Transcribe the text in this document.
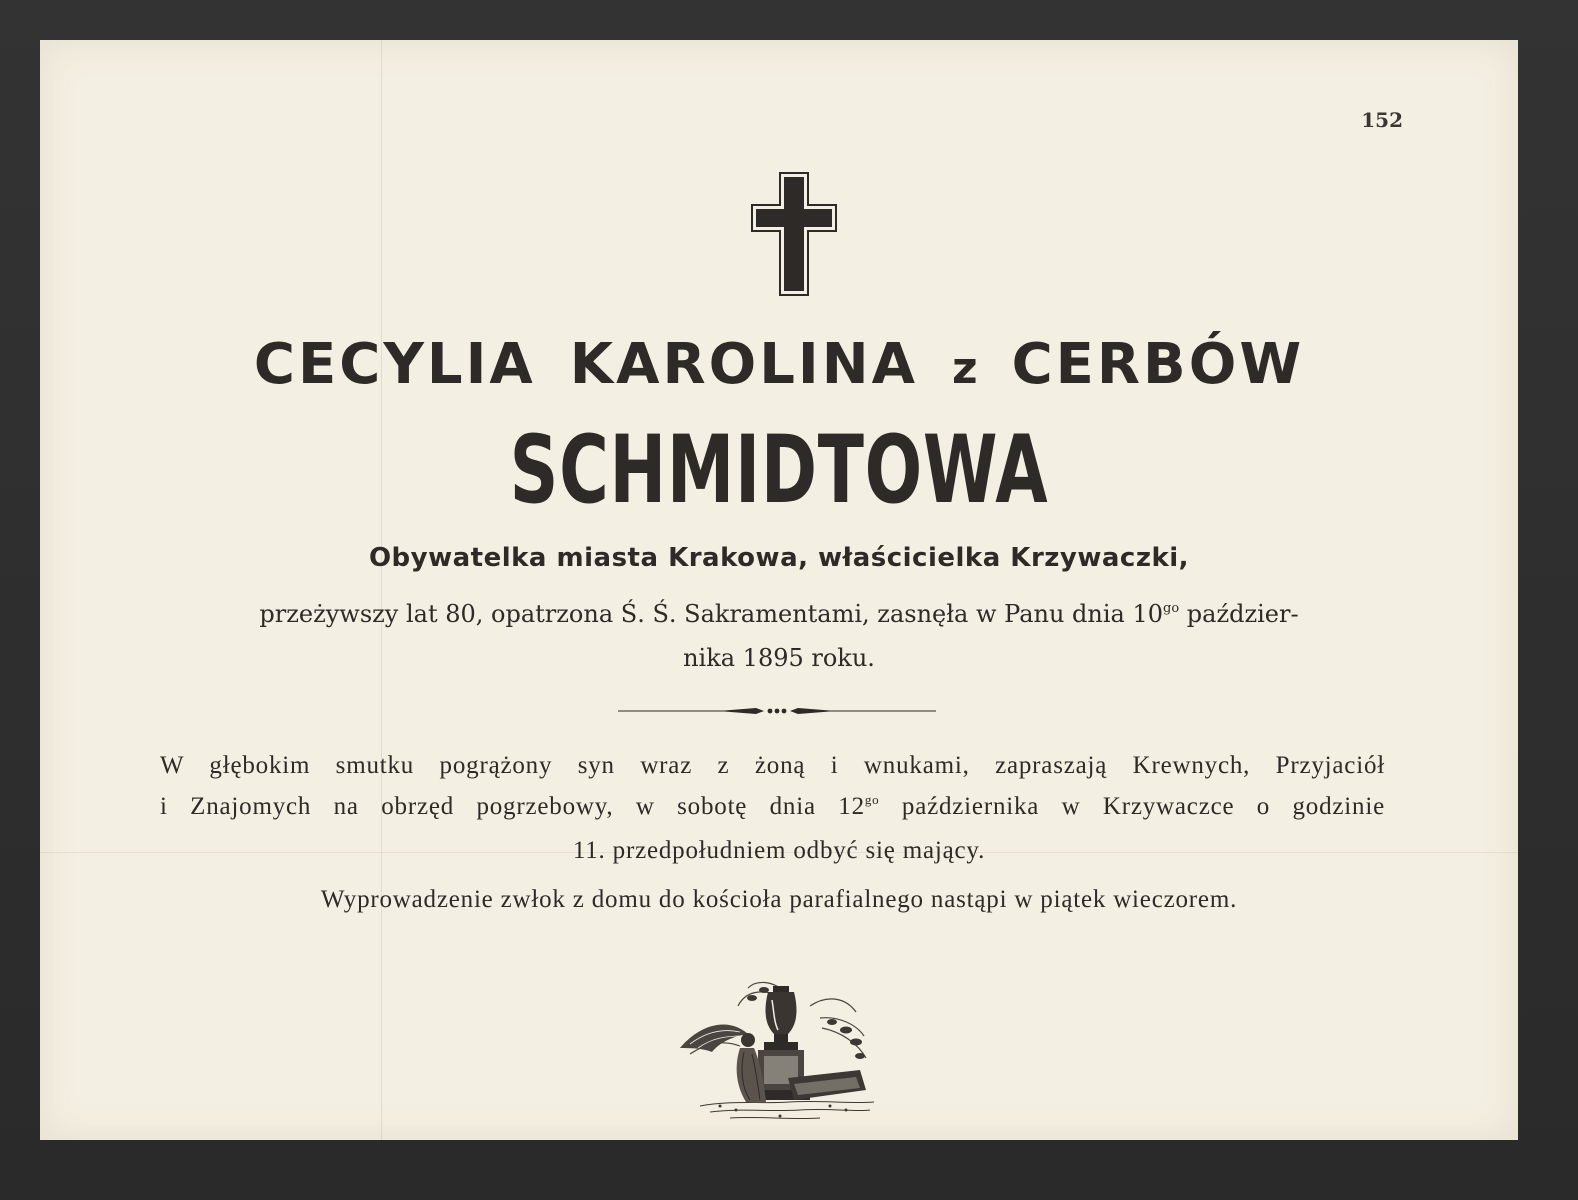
152
CECYLIA KAROLINA z CERBÓW
SCHMIDTOWA
Obywatelka miasta Krakowa, właścicielka Krzywaczki,
przeżywszy lat 80, opatrzona Ś. Ś. Sakramentami, zasnęła w Panu dnia $10^{go}$ paździer-
nika 1895 roku.
W głębokim smutku pogrążony syn wraz z żoną i wnukami, zapraszają Krewnych, Przyjaciół
i Znajomych na obrzęd pogrzebowy, w sobotę dnia $12^{go}$ października w Krzywaczce o godzinie
11. przedpołudniem odbyć się mający.
Wyprowadzenie zwłok z domu do kościoła parafialnego nastąpi w piątek wieczorem.
